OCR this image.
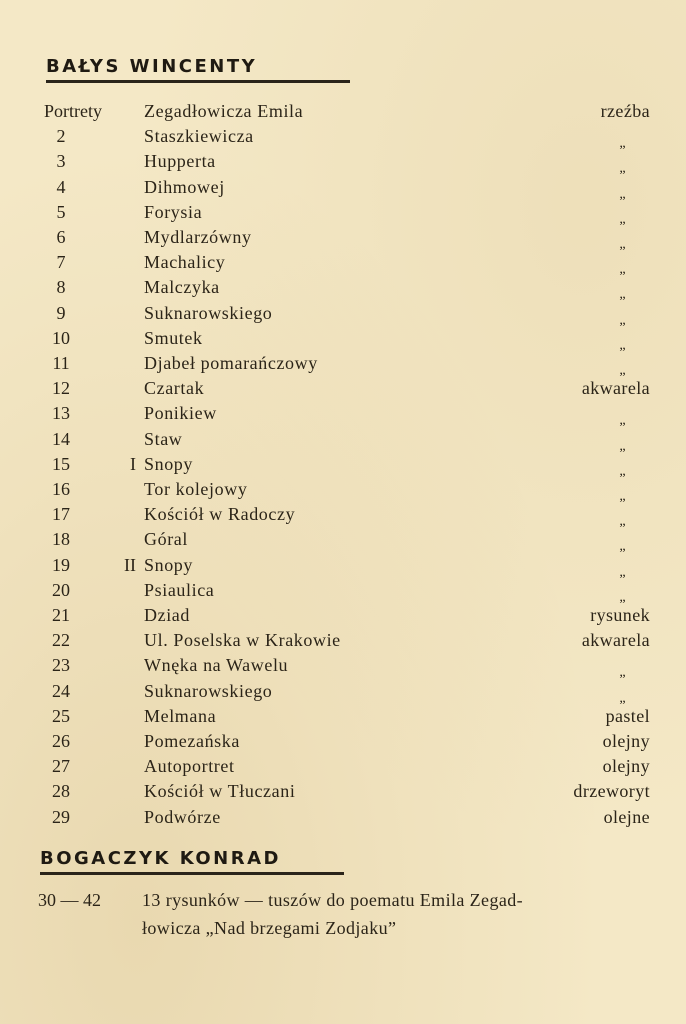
BAŁYS WINCENTY
Portrety Zegadłowicza Emila	rzeźba
2	Staszkiewicza	„
3	Hupperta	„
4	Dihmowej	„
5	Forysia	„
6	Mydlarzówny	„
7	Machalicy	„
8	Malczyka	„
9	Suknarowskiego	„
10	Smutek	„
11	Djabeł pomarańczowy	„
12	Czartak	akwarela
13	Ponikiew	„
14	Staw	„
15	I Snopy	„
16	Tor kolejowy	„
17	Kościół w Radoczy	„
18	Góral	„
19	II Snopy	„
20	Psiaulica	„
21	Dziad	rysunek
22	Ul. Poselska w Krakowie	akwarela
23	Wnęka na Wawelu	„
24	Suknarowskiego	„
25	Melmana	pastel
26	Pomezańska	olejny
27	Autoportret	olejny
28	Kościół w Tłuczani	drzeworyt
29	Podwórze	olejne
BOGACZYK KONRAD
30 — 42 13 rysunków — tuszów do poematu Emila Zegad-
łowicza „Nad brzegami Zodjaku”
